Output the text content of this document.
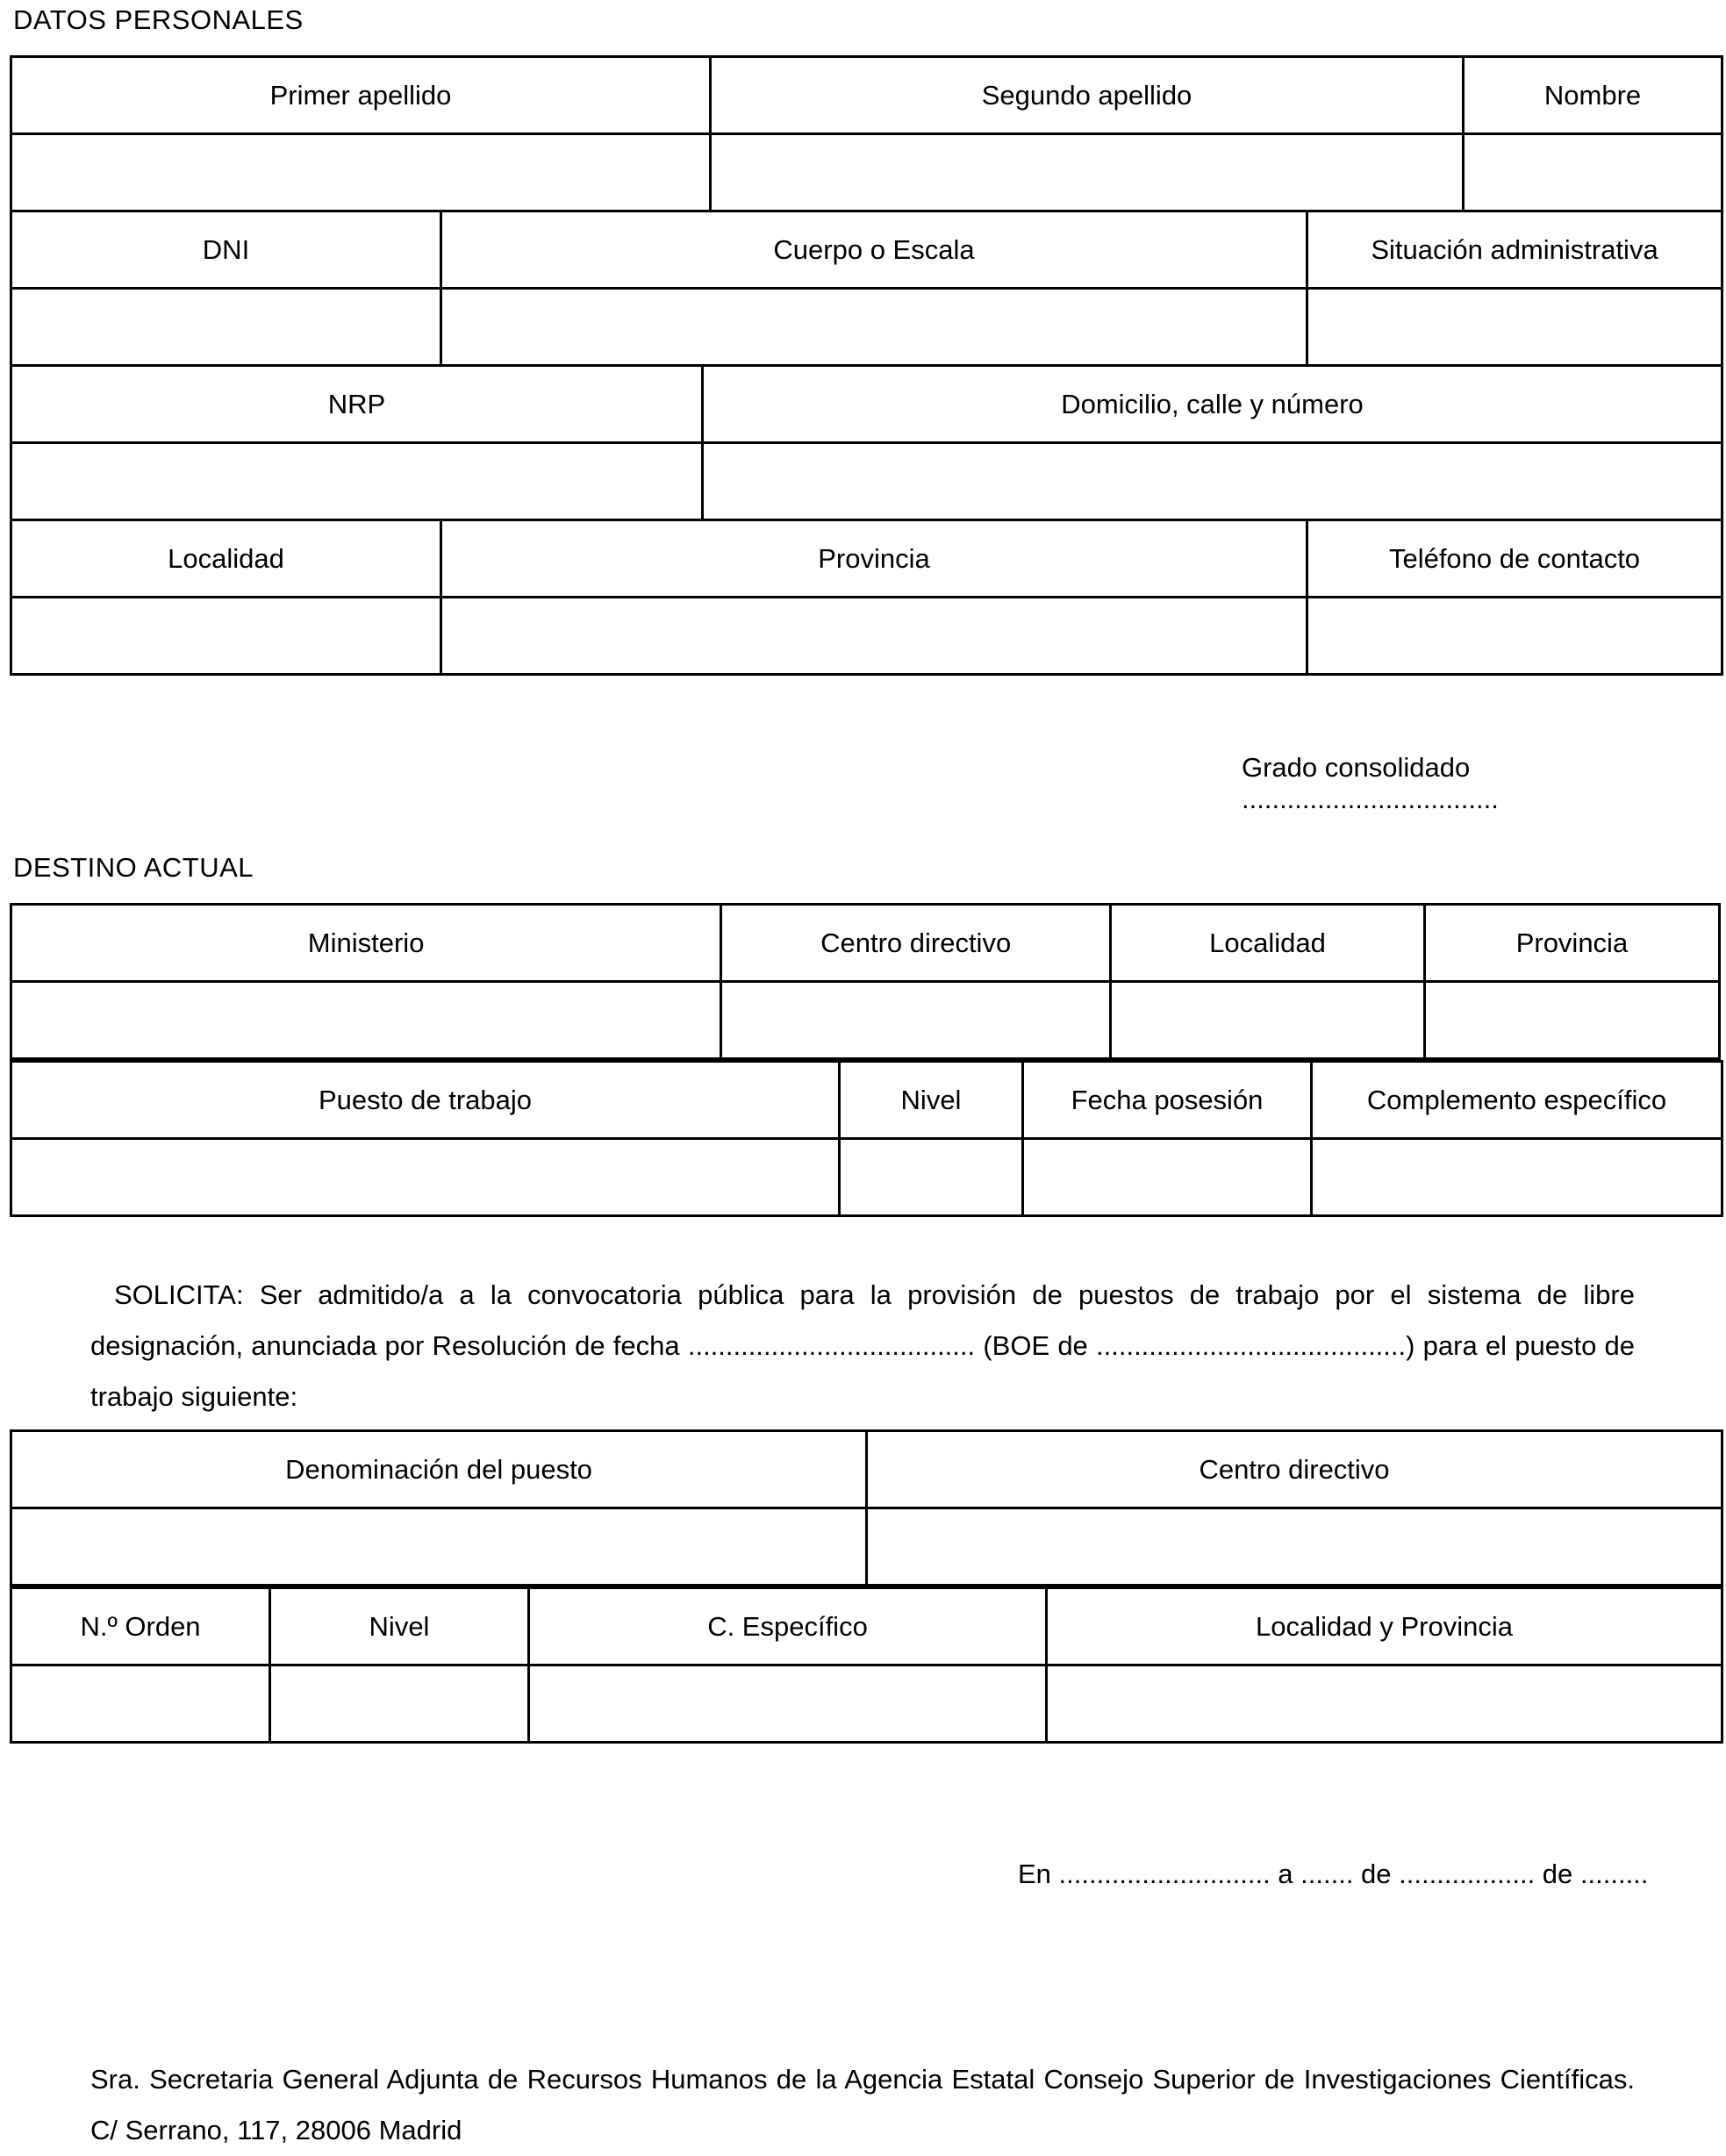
DATOS PERSONALES
Primer apellido			Segundo apellido		Nombre

DNI	Cuerpo o Escala			Situación administrativa	

NRP		Domicilio, calle y número			

Localidad	Provincia			Teléfono de contacto	

Grado consolidado ..................................
DESTINO ACTUAL
Ministerio	Centro directivo	Localidad	Provincia

Puesto de trabajo	Nivel	Fecha posesión	Complemento específico

SOLICITA: Ser admitido/a a la convocatoria pública para la provisión de puestos de trabajo por el sistema de libre designación, anunciada por Resolución de fecha ...................................... (BOE de .........................................) para el puesto de trabajo siguiente:
Denominación del puesto	Centro directivo

N.º Orden	Nivel	C. Específico	Localidad y Provincia

En ............................ a ....... de .................. de .........
Sra. Secretaria General Adjunta de Recursos Humanos de la Agencia Estatal Consejo Superior de Investigaciones Científicas. C/ Serrano, 117, 28006 Madrid
